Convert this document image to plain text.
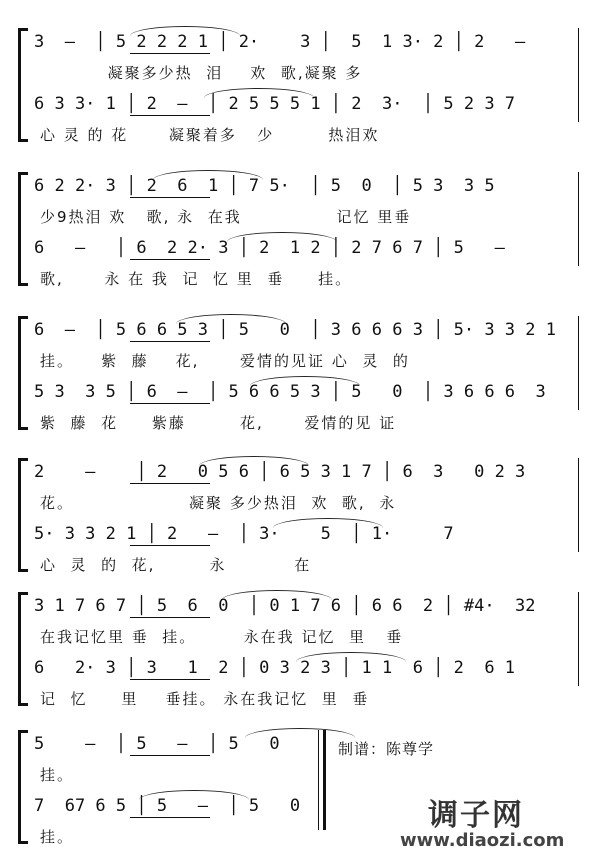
3  –  │ 5 2 2 2 1 │ 2·    3 │  5  1 3· 2 │ 2   –
凝聚多少热  泪    欢  歌,凝聚 多
6 3 3· 1 │ 2  –  │ 2 5 5 5 1 │ 2  3·  │ 5 2 3 7
心 灵 的 花      凝聚着多   少        热泪欢
6 2 2· 3 │ 2  6  1 │ 7 5·  │ 5  0  │ 5 3  3 5
少9热泪 欢   歌, 永  在我              记忆 里垂
6   –   │ 6  2 2· 3 │ 2  1 2 │ 2 7 6 7 │ 5   –
歌,      永 在 我  记  忆 里  垂     挂。
6  –  │ 5 6 6 5 3 │ 5   0  │ 3 6 6 6 3 │ 5· 3 3 2 1
挂。    紫  藤    花,      爱情的见证 心  灵  的
5 3  3 5 │ 6  –  │ 5 6 6 5 3 │ 5   0  │ 3 6 6 6  3
紫  藤  花     紫藤        花,      爱情的见 证
2    –    │ 2   0 5 6 │ 6 5 3 1 7 │ 6  3   0 2 3
花。                 凝聚 多少热泪  欢  歌,  永
5· 3 3 2 1 │ 2   –  │ 3·    5  │ 1·     7
心  灵  的  花,        永          在
3 1 7 6 7 │ 5  6  0  │ 0 1 7 6 │ 6 6  2 │ #4·  32
在我记忆里 垂  挂。       永在我 记忆  里   垂
6   2· 3 │ 3   1  2 │ 0 3 2 3 │ 1 1  6 │ 2  6 1
记  忆     里    垂挂。 永在我记忆  里  垂
5    –  │ 5   –  │ 5   0
挂。
7  67 6 5 │ 5   –  │ 5   0
挂。
制谱：陈尊学
调子网
www.diaozi.com
